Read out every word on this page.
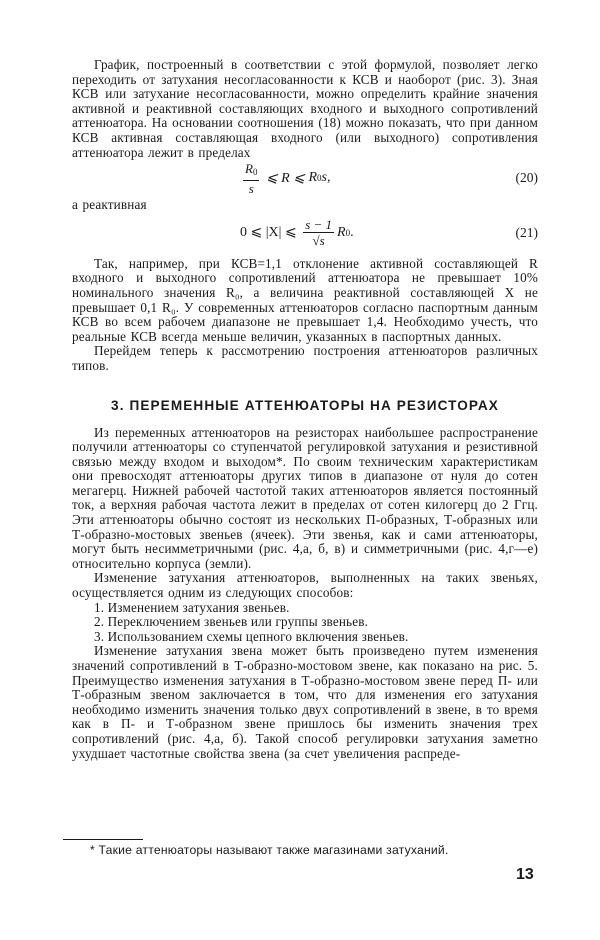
График, построенный в соответствии с этой формулой, позволяет легко переходить от затухания несогласованности к КСВ и наоборот (рис. 3). Зная КСВ или затухание несогласованности, можно определить крайние значения активной и реактивной составляющих входного и выходного сопротивлений аттенюатора. На основании соотношения (18) можно показать, что при данном КСВ активная составляющая входного (или выходного) сопротивления аттенюатора лежит в пределах

$\frac{R_0}{s}$ ⩽ R ⩽ R 0 s,	(20)

а реактивная

0 ⩽ |X| ⩽ $\frac{s - 1}{√s}$ R 0 .	(21)

Так, например, при КСВ=1,1 отклонение активной составляющей R входного и выходного сопротивлений аттенюатора не превышает 10% номинального значения R₀, а величина реактивной составляющей X не превышает 0,1 R₀. У современных аттенюаторов согласно паспортным данным КСВ во всем рабочем диапазоне не превышает 1,4. Необходимо учесть, что реальные КСВ всегда меньше величин, указанных в паспортных данных.

Перейдем теперь к рассмотрению построения аттенюаторов различных типов.

3. ПЕРЕМЕННЫЕ АТТЕНЮАТОРЫ НА РЕЗИСТОРАХ

Из переменных аттенюаторов на резисторах наибольшее распространение получили аттенюаторы со ступенчатой регулировкой затухания и резистивной связью между входом и выходом*. По своим техническим характеристикам они превосходят аттенюаторы других типов в диапазоне от нуля до сотен мегагерц. Нижней рабочей частотой таких аттенюаторов является постоянный ток, а верхняя рабочая частота лежит в пределах от сотен килогерц до 2 Ггц. Эти аттенюаторы обычно состоят из нескольких П-образных, Т-образных или Т-образно-мостовых звеньев (ячеек). Эти звенья, как и сами аттенюаторы, могут быть несимметричными (рис. 4,а, б, в) и симметричными (рис. 4,г—е) относительно корпуса (земли).

Изменение затухания аттенюаторов, выполненных на таких звеньях, осуществляется одним из следующих способов:

1. Изменением затухания звеньев.

2. Переключением звеньев или группы звеньев.

3. Использованием схемы цепного включения звеньев.

Изменение затухания звена может быть произведено путем изменения значений сопротивлений в Т-образно-мостовом звене, как показано на рис. 5. Преимущество изменения затухания в Т-образно-мостовом звене перед П- или Т-образным звеном заключается в том, что для изменения его затухания необходимо изменить значения только двух сопротивлений в звене, в то время как в П- и Т-образном звене пришлось бы изменить значения трех сопротивлений (рис. 4,а, б). Такой способ регулировки затухания заметно ухудшает частотные свойства звена (за счет увеличения распреде-

* Такие аттенюаторы называют также магазинами затуханий.
13
